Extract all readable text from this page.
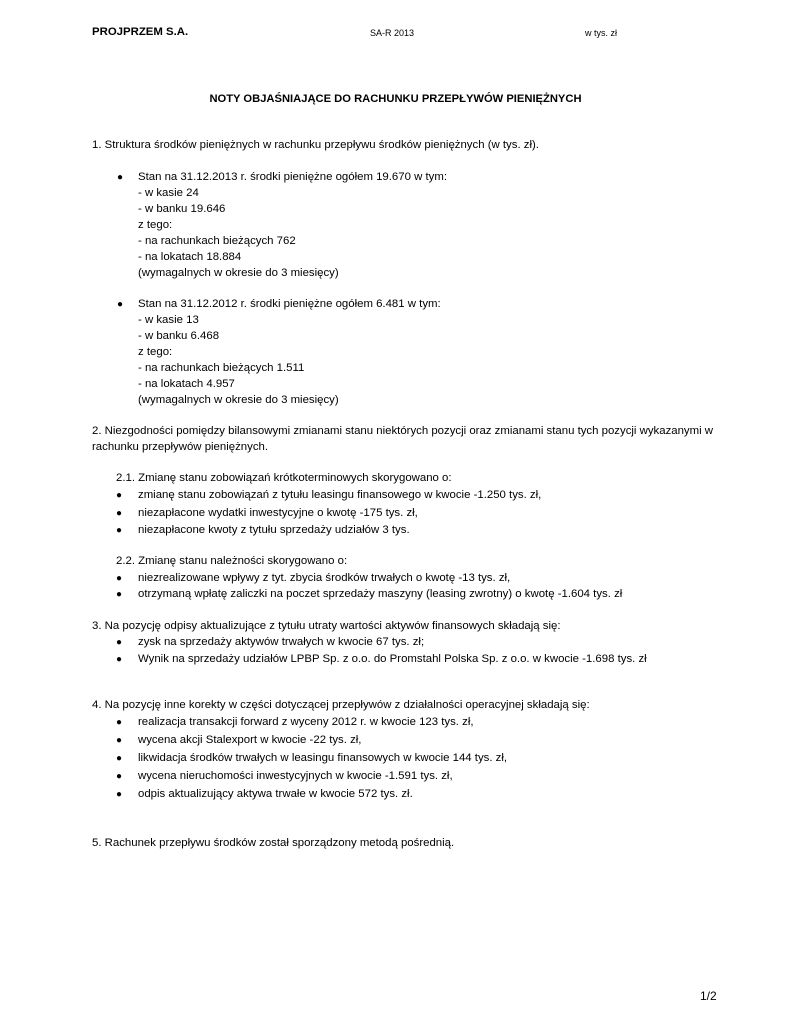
PROJPRZEM S.A.	SA-R 2013	w tys. zł
NOTY OBJAŚNIAJĄCE DO RACHUNKU PRZEPŁYWÓW PIENIĘŻNYCH
1. Struktura środków pieniężnych w rachunku przepływu środków pieniężnych (w tys. zł).
● Stan na 31.12.2013 r. środki pieniężne ogółem 19.670 w tym:
- w kasie 24
- w banku 19.646
z tego:
- na rachunkach bieżących 762
- na lokatach 18.884
(wymagalnych w okresie do 3 miesięcy)
● Stan na 31.12.2012 r. środki pieniężne ogółem 6.481 w tym:
- w kasie 13
- w banku 6.468
z tego:
- na rachunkach bieżących 1.511
- na lokatach 4.957
(wymagalnych w okresie do 3 miesięcy)
2. Niezgodności pomiędzy bilansowymi zmianami stanu niektórych pozycji oraz zmianami stanu tych pozycji wykazanymi w
rachunku przepływów pieniężnych.
2.1. Zmianę stanu zobowiązań krótkoterminowych skorygowano o:
● zmianę stanu zobowiązań z tytułu leasingu finansowego w kwocie -1.250 tys. zł,
● niezapłacone wydatki inwestycyjne o kwotę -175 tys. zł,
● niezapłacone kwoty z tytułu sprzedaży udziałów 3 tys.
2.2. Zmianę stanu należności skorygowano o:
● niezrealizowane wpływy z tyt. zbycia środków trwałych o kwotę -13 tys. zł,
● otrzymaną wpłatę zaliczki na poczet sprzedaży maszyny (leasing zwrotny) o kwotę -1.604 tys. zł
3. Na pozycję odpisy aktualizujące z tytułu utraty wartości aktywów finansowych składają się:
● zysk na sprzedaży aktywów trwałych w kwocie 67 tys. zł;
● Wynik na sprzedaży udziałów LPBP Sp. z o.o. do Promstahl Polska Sp. z o.o. w kwocie -1.698 tys. zł
4. Na pozycję inne korekty w części dotyczącej przepływów z działalności operacyjnej składają się:
● realizacja transakcji forward z wyceny 2012 r. w kwocie 123 tys. zł,
● wycena akcji Stalexport w kwocie -22 tys. zł,
● likwidacja środków trwałych w leasingu finansowych w kwocie 144 tys. zł,
● wycena nieruchomości inwestycyjnych w kwocie -1.591 tys. zł,
● odpis aktualizujący aktywa trwałe w kwocie 572 tys. zł.
5. Rachunek przepływu środków został sporządzony metodą pośrednią.
1/2
